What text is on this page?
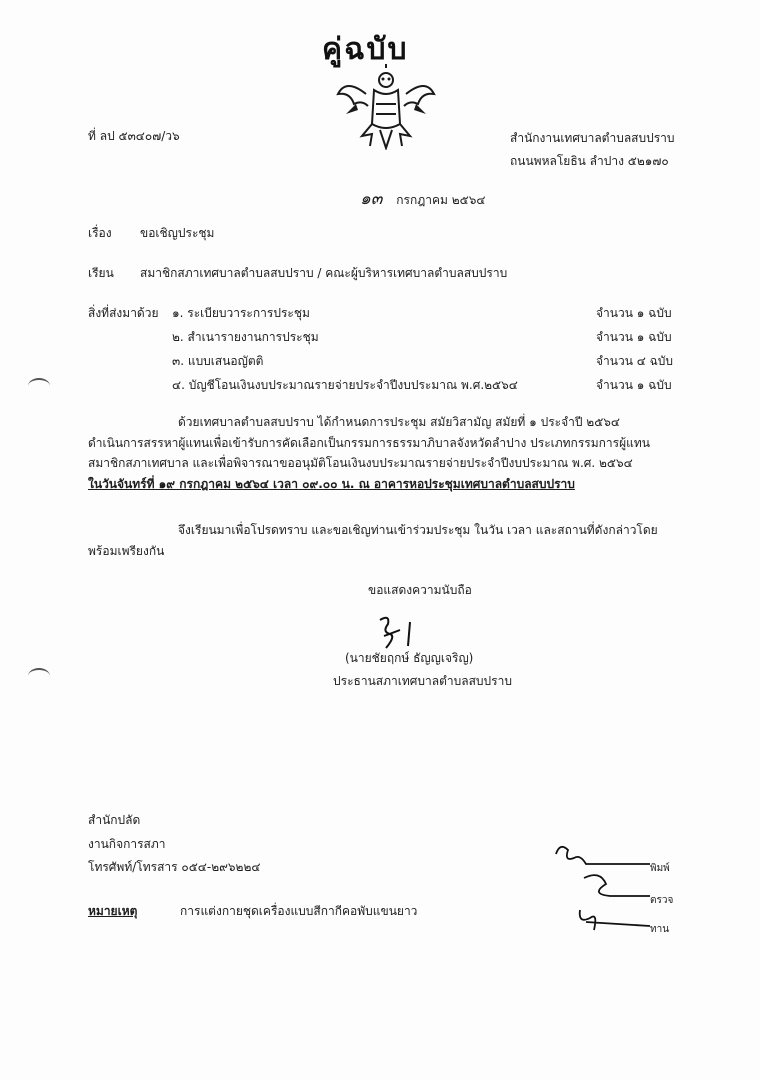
คู่ฉบับ
ที่ ลป ๕๓๔๐๗/ว๖	สำนักงานเทศบาลตำบลสบปราบ
ถนนพหลโยธิน ลำปาง ๕๒๑๗๐
๑๓ กรกฎาคม ๒๕๖๔
เรื่อง ขอเชิญประชุม
เรียน สมาชิกสภาเทศบาลตำบลสบปราบ / คณะผู้บริหารเทศบาลตำบลสบปราบ
สิ่งที่ส่งมาด้วย ๑. ระเบียบวาระการประชุม	จำนวน ๑ ฉบับ
๒. สำเนารายงานการประชุม	จำนวน ๑ ฉบับ
๓. แบบเสนอญัตติ	จำนวน ๔ ฉบับ
๔. บัญชีโอนเงินงบประมาณรายจ่ายประจำปีงบประมาณ พ.ศ.๒๕๖๔	จำนวน ๑ ฉบับ
ด้วยเทศบาลตำบลสบปราบ ได้กำหนดการประชุม สมัยวิสามัญ สมัยที่ ๑ ประจำปี ๒๕๖๔
ดำเนินการสรรหาผู้แทนเพื่อเข้ารับการคัดเลือกเป็นกรรมการธรรมาภิบาลจังหวัดลำปาง ประเภทกรรมการผู้แทน
สมาชิกสภาเทศบาล และเพื่อพิจารณาขออนุมัติโอนเงินงบประมาณรายจ่ายประจำปีงบประมาณ พ.ศ. ๒๕๖๔
ในวันจันทร์ที่ ๑๙ กรกฎาคม ๒๕๖๔ เวลา ๐๙.๐๐ น. ณ อาคารหอประชุมเทศบาลตำบลสบปราบ
จึงเรียนมาเพื่อโปรดทราบ และขอเชิญท่านเข้าร่วมประชุม ในวัน เวลา และสถานที่ดังกล่าวโดย
พร้อมเพรียงกัน
ขอแสดงความนับถือ
(นายชัยฤกษ์ ธัญญเจริญ)
ประธานสภาเทศบาลตำบลสบปราบ
สำนักปลัด
งานกิจการสภา
โทรศัพท์/โทรสาร ๐๕๔-๒๙๖๒๒๔	พิมพ์
ตรวจ
ทาน
หมายเหตุ	การแต่งกายชุดเครื่องแบบสีกากีคอพับแขนยาว
